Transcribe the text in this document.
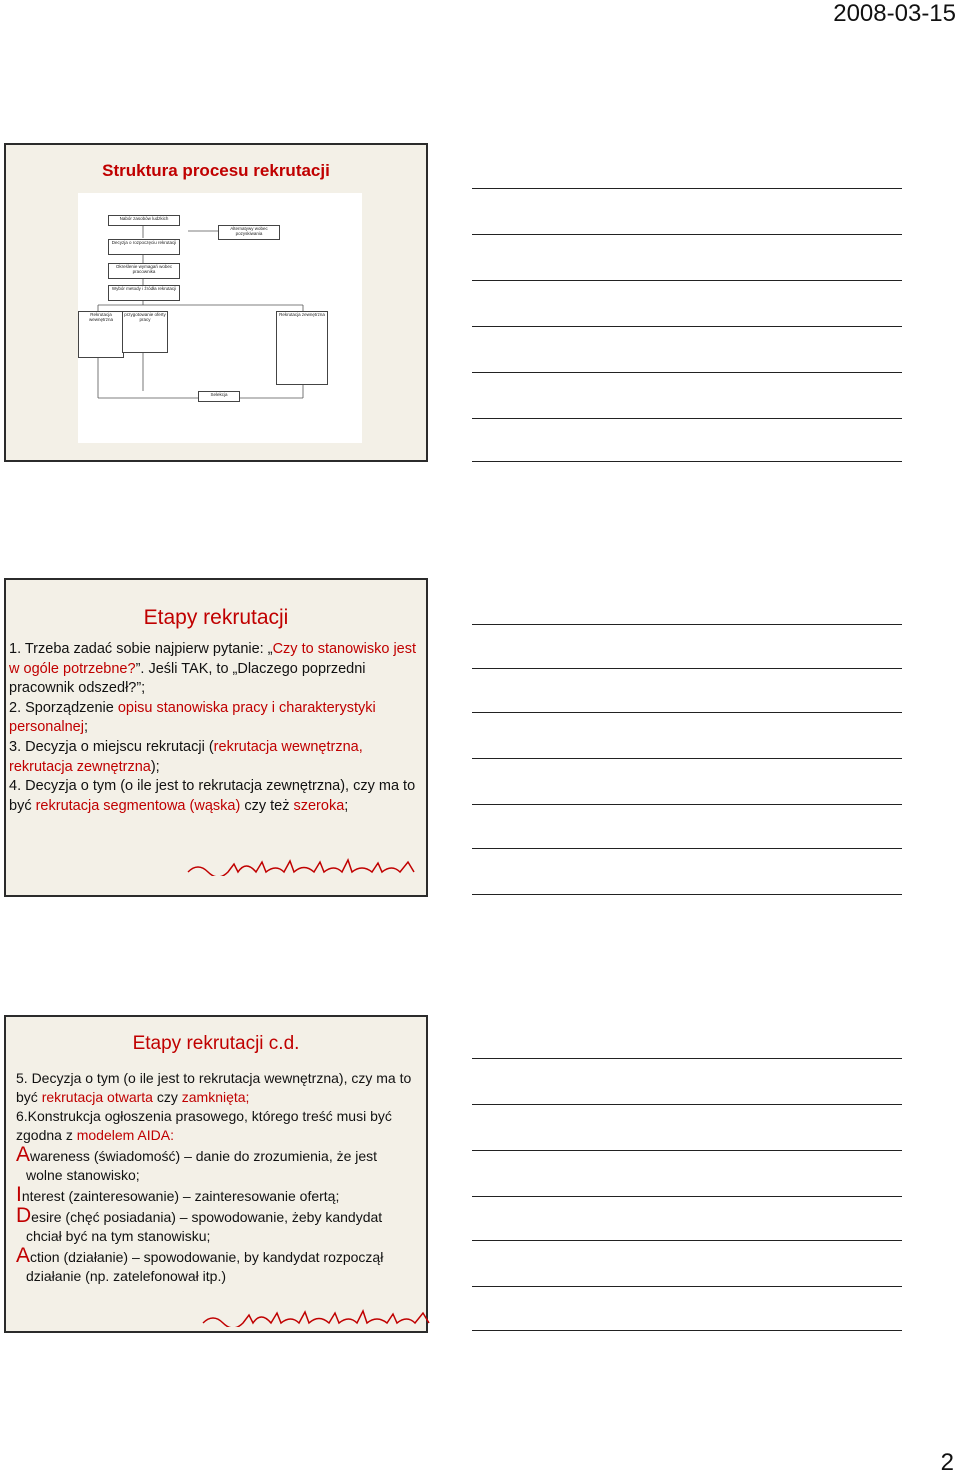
2008-03-15
Struktura procesu rekrutacji
Nabór zasobów ludzkich
Alternatywy wobec pozyskiwania
Decyzja o rozpoczęciu rekrutacji
Określenie wymagań wobec pracownika
Wybór metody i źródła rekrutacji
Rekrutacja wewnętrzna
przygotowanie oferty pracy
Rekrutacja zewnętrzna
Selekcja
Etapy rekrutacji
1. Trzeba zadać sobie najpierw pytanie: „Czy to stanowisko jest w ogóle potrzebne?”. Jeśli TAK, to „Dlaczego poprzedni pracownik odszedł?”;
2. Sporządzenie opisu stanowiska pracy i charakterystyki personalnej;
3. Decyzja o miejscu rekrutacji (rekrutacja wewnętrzna, rekrutacja zewnętrzna);
4. Decyzja o tym (o ile jest to rekrutacja zewnętrzna), czy ma to być rekrutacja segmentowa (wąska) czy też szeroka;
Etapy rekrutacji c.d.
5. Decyzja o tym (o ile jest to rekrutacja wewnętrzna), czy ma to być rekrutacja otwarta czy zamknięta;
6.Konstrukcja ogłoszenia prasowego, którego treść musi być zgodna z modelem AIDA:
Awareness (świadomość) – danie do zrozumienia, że jest
wolne stanowisko;
Interest (zainteresowanie) – zainteresowanie ofertą;
Desire (chęć posiadania) – spowodowanie, żeby kandydat
chciał być na tym stanowisku;
Action (działanie) – spowodowanie, by kandydat rozpoczął
działanie (np. zatelefonował itp.)
2
